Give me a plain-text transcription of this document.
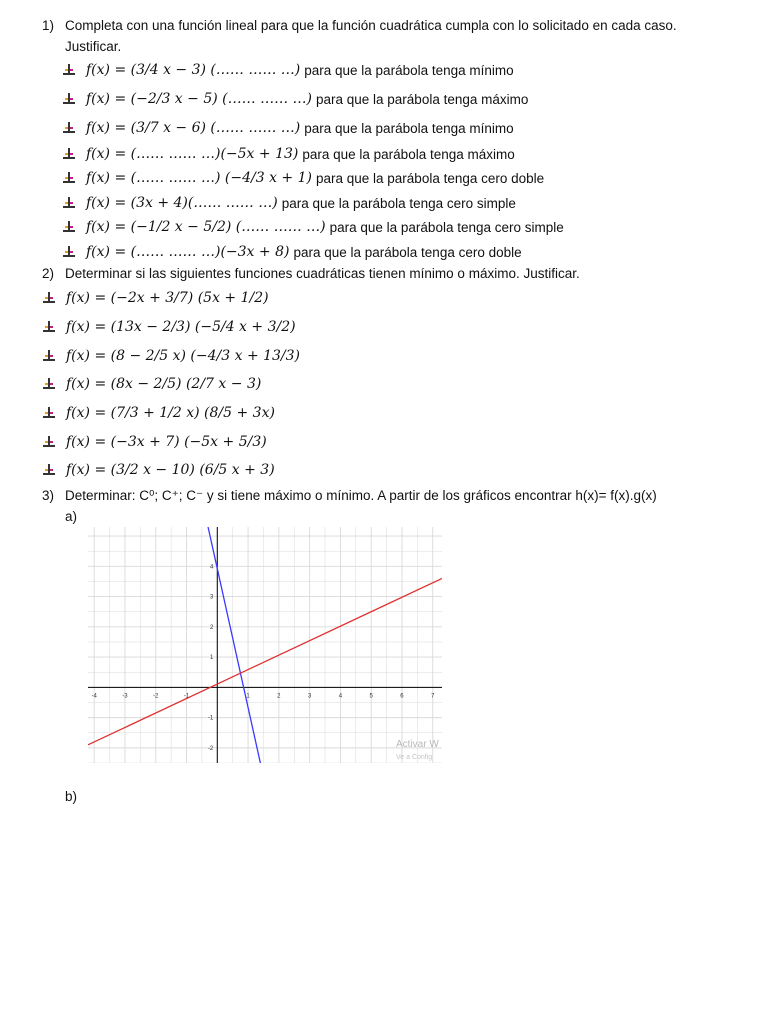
1) Completa con una función lineal para que la función cuadrática cumpla con lo solicitado en cada caso.
Justificar.
f(x) = (3/4 x − 3) (…… …… …) para que la parábola tenga mínimo
f(x) = (−2/3 x − 5) (…… …… …) para que la parábola tenga máximo
f(x) = (3/7 x − 6) (…… …… …) para que la parábola tenga mínimo
f(x) = (…… …… …)(−5x + 13) para que la parábola tenga máximo
f(x) = (…… …… …) (−4/3 x + 1) para que la parábola tenga cero doble
f(x) = (3x + 4)(…… …… …) para que la parábola tenga cero simple
f(x) = (−1/2 x − 5/2) (…… …… …) para que la parábola tenga cero simple
f(x) = (…… …… …)(−3x + 8) para que la parábola tenga cero doble
2) Determinar si las siguientes funciones cuadráticas tienen mínimo o máximo. Justificar.
f(x) = (−2x + 3/7) (5x + 1/2)
f(x) = (13x − 2/3) (−5/4 x + 3/2)
f(x) = (8 − 2/5 x) (−4/3 x + 13/3)
f(x) = (8x − 2/5) (2/7 x − 3)
f(x) = (7/3 + 1/2 x) (8/5 + 3x)
f(x) = (−3x + 7) (−5x + 5/3)
f(x) = (3/2 x − 10) (6/5 x + 3)
3) Determinar: C⁰; C⁺; C⁻ y si tiene máximo o mínimo. A partir de los gráficos encontrar h(x)= f(x).g(x)
a)
-4	-3	-2	-1	1	2	3	4	5	6	7
4
3
2
1
-1
-2	Activar W
Ve a Config
b)
